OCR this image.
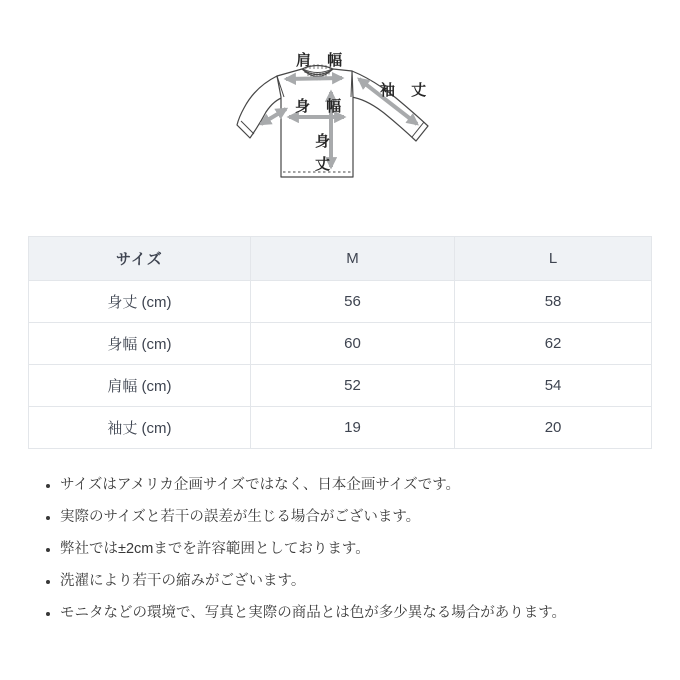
肩 幅
袖 丈
身 幅
身
丈
サイズ	M	L
身丈 (cm)	56	58
身幅 (cm)	60	62
肩幅 (cm)	52	54
袖丈 (cm)	19	20
• サイズはアメリカ企画サイズではなく、日本企画サイズです。
• 実際のサイズと若干の誤差が生じる場合がございます。
• 弊社では±2cmまでを許容範囲としております。
• 洗濯により若干の縮みがございます。
• モニタなどの環境で、写真と実際の商品とは色が多少異なる場合があります。
